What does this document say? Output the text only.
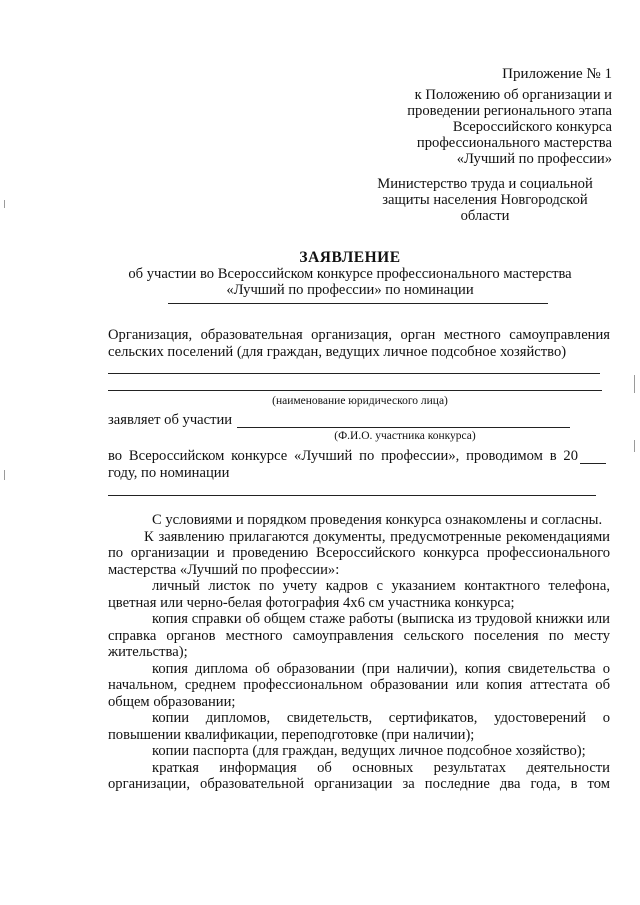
Приложение № 1
к Положению об организации и
проведении регионального этапа
Всероссийского конкурса
профессионального мастерства
«Лучший по профессии»
Министерство труда и социальной
защиты населения Новгородской
области
ЗАЯВЛЕНИЕ
об участии во Всероссийском конкурсе профессионального мастерства
«Лучший по профессии» по номинации
Организация, образовательная организация, орган местного самоуправления
сельских поселений (для граждан, ведущих личное подсобное хозяйство)
(наименование юридического лица)
заявляет об участии
(Ф.И.О. участника конкурса)
во Всероссийском конкурсе «Лучший по профессии», проводимом в 20
году, по номинации

С условиями и порядком проведения конкурса ознакомлены и согласны.

К заявлению прилагаются документы, предусмотренные рекомендациями по организации и проведению Всероссийского конкурса профессионального мастерства «Лучший по профессии»:

личный листок по учету кадров с указанием контактного телефона, цветная или черно-белая фотография 4х6 см участника конкурса;

копия справки об общем стаже работы (выписка из трудовой книжки или справка органов местного самоуправления сельского поселения по месту жительства);

копия диплома об образовании (при наличии), копия свидетельства о начальном, среднем профессиональном образовании или копия аттестата об общем образовании;

копии дипломов, свидетельств, сертификатов, удостоверений о повышении квалификации, переподготовке (при наличии);

копии паспорта (для граждан, ведущих личное подсобное хозяйство);

краткая информация об основных результатах деятельности организации, образовательной организации за последние два года, в том
